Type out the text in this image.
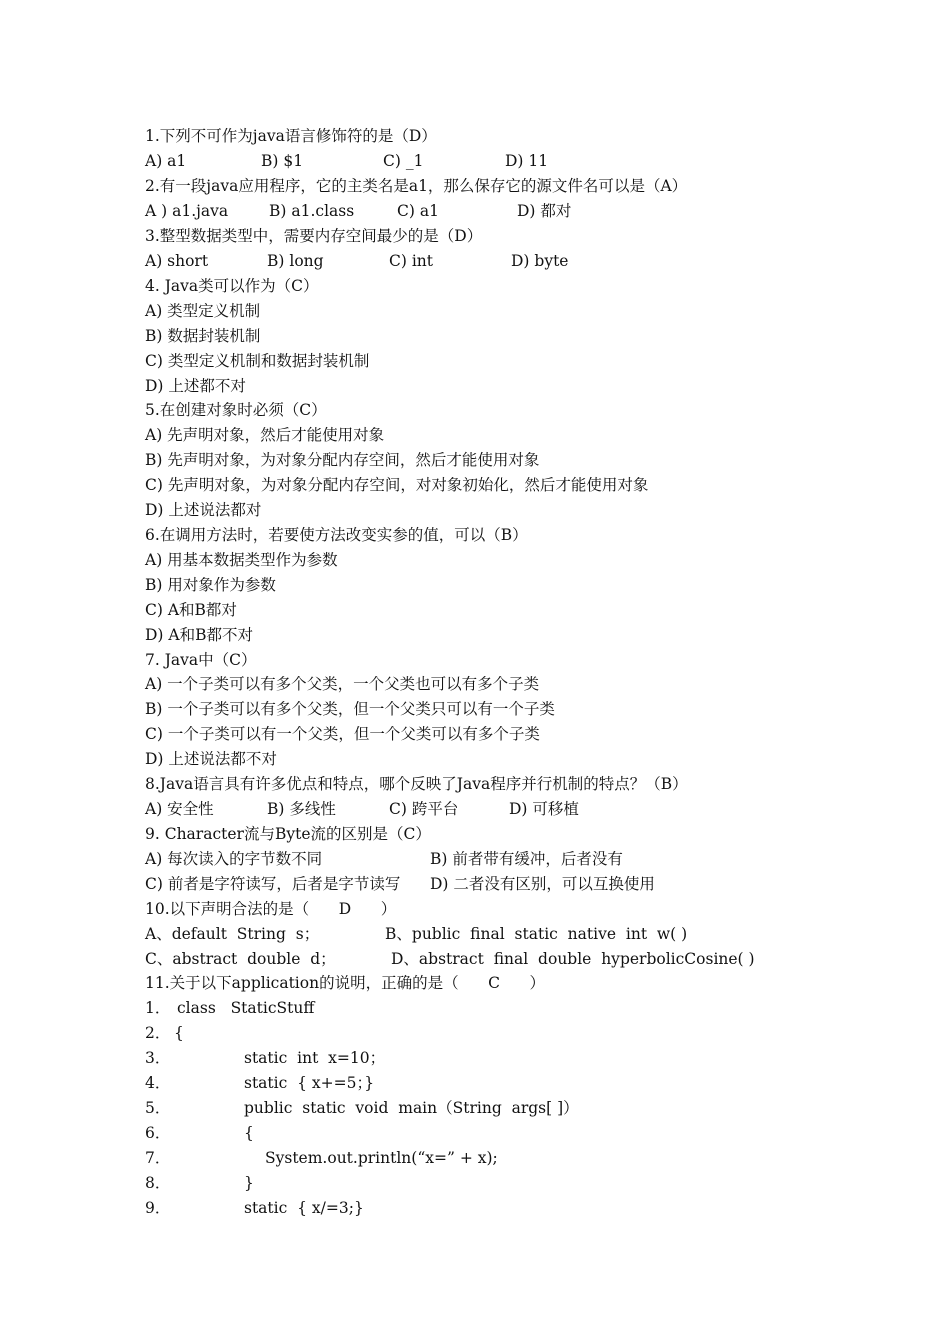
1.下列不可作为java语言修饰符的是（D）
A) a1	B) $1	C) _1	D) 11
2.有一段java应用程序，它的主类名是a1，那么保存它的源文件名可以是（A）
A ) a1.java	B) a1.class	C) a1	D) 都对
3.整型数据类型中，需要内存空间最少的是（D）
A) short	B) long	C) int	D) byte
4. Java类可以作为（C）
A) 类型定义机制
B) 数据封装机制
C) 类型定义机制和数据封装机制
D) 上述都不对
5.在创建对象时必须（C）
A) 先声明对象，然后才能使用对象
B) 先声明对象，为对象分配内存空间，然后才能使用对象
C) 先声明对象，为对象分配内存空间，对对象初始化，然后才能使用对象
D) 上述说法都对
6.在调用方法时，若要使方法改变实参的值，可以（B）
A) 用基本数据类型作为参数
B) 用对象作为参数
C) A和B都对
D) A和B都不对
7. Java中（C）
A) 一个子类可以有多个父类，一个父类也可以有多个子类
B) 一个子类可以有多个父类，但一个父类只可以有一个子类
C) 一个子类可以有一个父类，但一个父类可以有多个子类
D) 上述说法都不对
8.Java语言具有许多优点和特点，哪个反映了Java程序并行机制的特点？（B）
A) 安全性	B) 多线性	C) 跨平台	D) 可移植
9. Character流与Byte流的区别是（C）
A) 每次读入的字节数不同	B) 前者带有缓冲，后者没有
C) 前者是字符读写，后者是字节读写 D) 二者没有区别，可以互换使用
10.以下声明合法的是（      D      ）
A、default  String  s；	B、public  final  static  native  int  w( )
C、abstract  double  d；	D、abstract  final  double  hyperbolicCosine( )
11.关于以下application的说明，正确的是（      C      ）
1． class   StaticStuff
2． {
3．	static  int  x=10；
4．	static  { x+=5；}
5．	public  static  void  main（String  args[ ]）
6．	{
7．	System.out.println(“x=” + x);
8．	}
9．	static  { x/=3;}
